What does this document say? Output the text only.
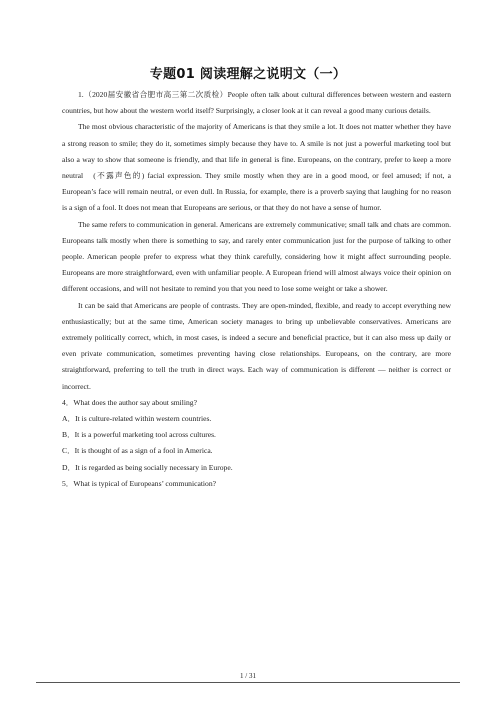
专题01 阅读理解之说明文（一）

1.（2020届安徽省合肥市高三第二次质检）People often talk about cultural differences between western and eastern countries, but how about the western world itself? Surprisingly, a closer look at it can reveal a good many curious details.

The most obvious characteristic of the majority of Americans is that they smile a lot. It does not matter whether they have a strong reason to smile; they do it, sometimes simply because they have to. A smile is not just a powerful marketing tool but also a way to show that someone is friendly, and that life in general is fine. Europeans, on the contrary, prefer to keep a more neutral　(不露声色的) facial expression. They smile mostly when they are in a good mood, or feel amused; if not, a European’s face will remain neutral, or even dull. In Russia, for example, there is a proverb saying that laughing for no reason is a sign of a fool. It does not mean that Europeans are serious, or that they do not have a sense of humor.

The same refers to communication in general. Americans are extremely communicative; small talk and chats are common. Europeans talk mostly when there is something to say, and rarely enter communication just for the purpose of talking to other people. American people prefer to express what they think carefully, considering how it might affect surrounding people. Europeans are more straightforward, even with unfamiliar people. A European friend will almost always voice their opinion on different occasions, and will not hesitate to remind you that you need to lose some weight or take a shower.

It can be said that Americans are people of contrasts. They are open-minded, flexible, and ready to accept everything new enthusiastically; but at the same time, American society manages to bring up unbelievable conservatives. Americans are extremely politically correct, which, in most cases, is indeed a secure and beneficial practice, but it can also mess up daily or even private communication, sometimes preventing having close relationships. Europeans, on the contrary, are more straightforward, preferring to tell the truth in direct ways. Each way of communication is different — neither is correct or incorrect.

4．What does the author say about smiling?

A．It is culture-related within western countries.

B．It is a powerful marketing tool across cultures.

C．It is thought of as a sign of a fool in America.

D．It is regarded as being socially necessary in Europe.

5．What is typical of Europeans’ communication?

1 / 31
